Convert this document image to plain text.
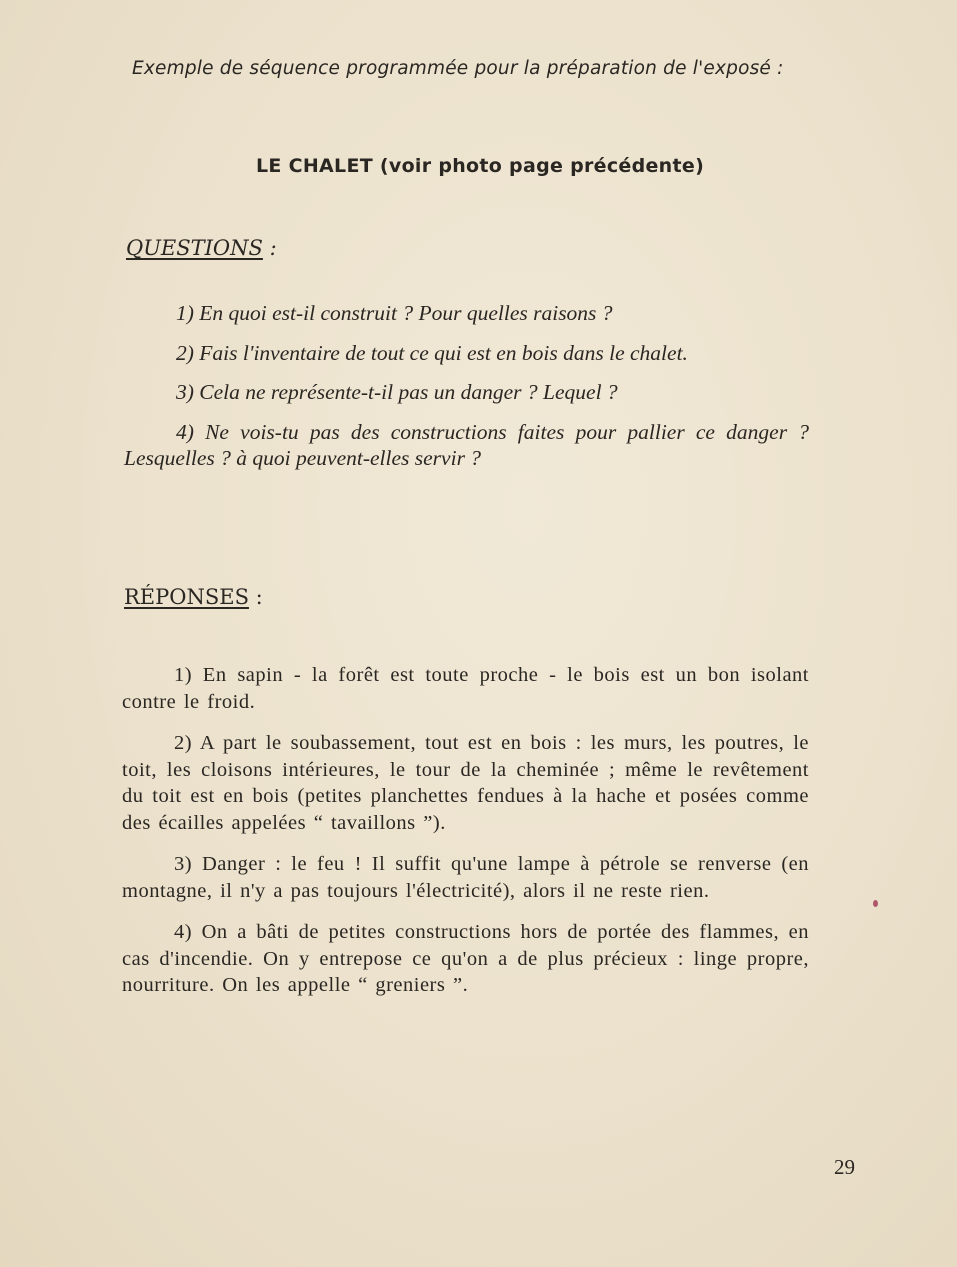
Exemple de séquence programmée pour la préparation de l'exposé :
LE CHALET (voir photo page précédente)
QUESTIONS :

1) En quoi est-il construit ? Pour quelles raisons ?

2) Fais l'inventaire de tout ce qui est en bois dans le chalet.

3) Cela ne représente-t-il pas un danger ? Lequel ?

4) Ne vois-tu pas des constructions faites pour pallier ce danger ? Lesquelles ? à quoi peuvent-elles servir ?

RÉPONSES :

1) En sapin - la forêt est toute proche - le bois est un bon isolant contre le froid.

2) A part le soubassement, tout est en bois : les murs, les poutres, le toit, les cloisons intérieures, le tour de la cheminée ; même le revêtement du toit est en bois (petites planchettes fendues à la hache et posées comme des écailles appelées “ tavaillons ”).

3) Danger : le feu ! Il suffit qu'une lampe à pétrole se renverse (en montagne, il n'y a pas toujours l'électricité), alors il ne reste rien.

4) On a bâti de petites constructions hors de portée des flammes, en cas d'incendie. On y entrepose ce qu'on a de plus précieux : linge propre, nourriture. On les appelle “ greniers ”.

29
